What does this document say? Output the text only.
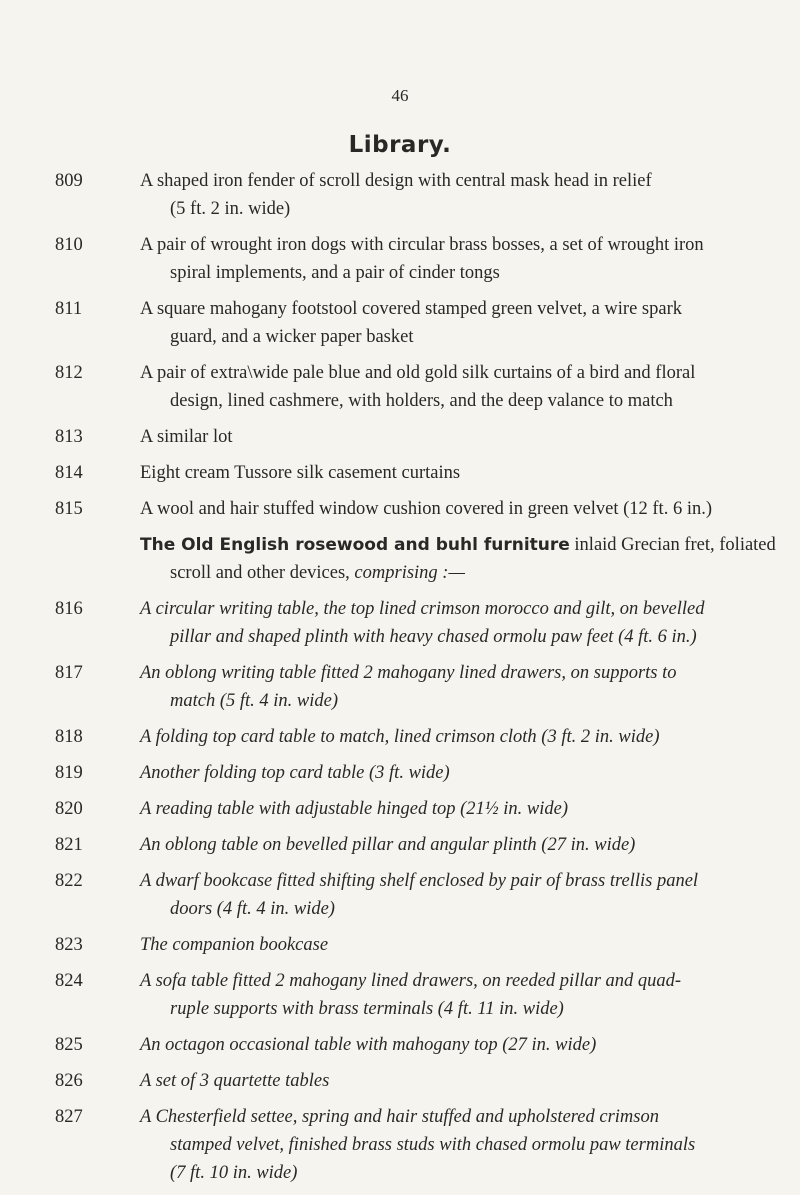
46
Library.
809	A shaped iron fender of scroll design with central mask head in relief
(5 ft. 2 in. wide)
810	A pair of wrought iron dogs with circular brass bosses, a set of wrought iron
spiral implements, and a pair of cinder tongs
811	A square mahogany footstool covered stamped green velvet, a wire spark
guard, and a wicker paper basket
812	A pair of extra\wide pale blue and old gold silk curtains of a bird and floral
design, lined cashmere, with holders, and the deep valance to match
813	A similar lot
814	Eight cream Tussore silk casement curtains
815	A wool and hair stuffed window cushion covered in green velvet (12 ft. 6 in.)
The Old English rosewood and buhl furniture inlaid Grecian fret, foliated
scroll and other devices, comprising :—
816	A circular writing table, the top lined crimson morocco and gilt, on bevelled
pillar and shaped plinth with heavy chased ormolu paw feet (4 ft. 6 in.)
817	An oblong writing table fitted 2 mahogany lined drawers, on supports to
match (5 ft. 4 in. wide)
818	A folding top card table to match, lined crimson cloth (3 ft. 2 in. wide)
819	Another folding top card table (3 ft. wide)
820	A reading table with adjustable hinged top (21½ in. wide)
821	An oblong table on bevelled pillar and angular plinth (27 in. wide)
822	A dwarf bookcase fitted shifting shelf enclosed by pair of brass trellis panel
doors (4 ft. 4 in. wide)
823	The companion bookcase
824	A sofa table fitted 2 mahogany lined drawers, on reeded pillar and quad-
ruple supports with brass terminals (4 ft. 11 in. wide)
825	An octagon occasional table with mahogany top (27 in. wide)
826	A set of 3 quartette tables
827	A Chesterfield settee, spring and hair stuffed and upholstered crimson
stamped velvet, finished brass studs with chased ormolu paw terminals
(7 ft. 10 in. wide)
